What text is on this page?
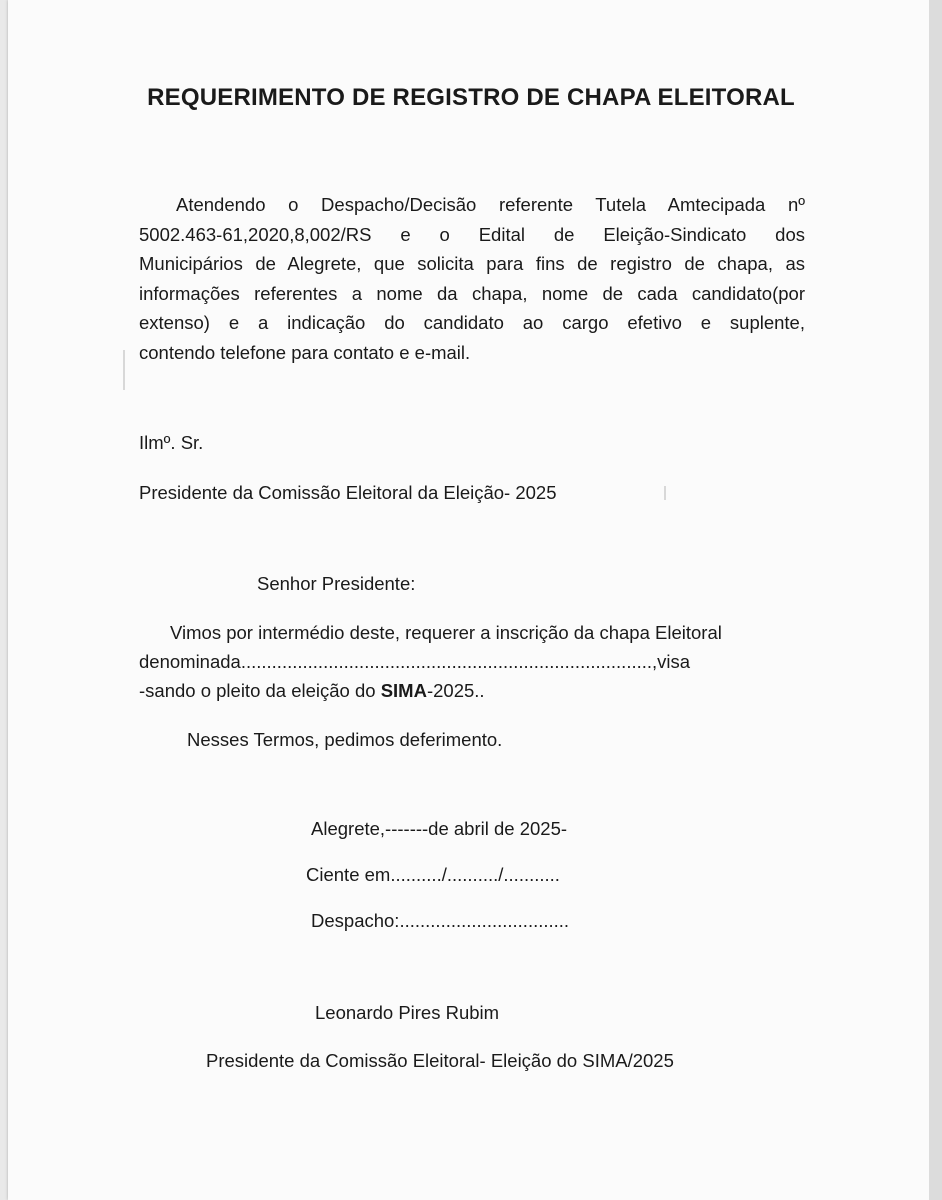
REQUERIMENTO DE REGISTRO DE CHAPA ELEITORAL
Atendendo o Despacho/Decisão referente Tutela Amtecipada nº
5002.463-61,2020,8,002/RS e o Edital de Eleição-Sindicato dos
Municipários de Alegrete, que solicita para fins de registro de chapa, as
informações referentes a nome da chapa, nome de cada candidato(por
extenso) e a indicação do candidato ao cargo efetivo e suplente,
contendo telefone para contato e e-mail.
Ilmº. Sr.
Presidente da Comissão Eleitoral da Eleição- 2025
Senhor Presidente:
Vimos por intermédio deste, requerer a inscrição da chapa Eleitoral
denominada................................................................................,visa
-sando o pleito da eleição do SIMA-2025..
Nesses Termos, pedimos deferimento.
Alegrete,-------de abril de 2025-
Ciente em........../........../...........
Despacho:.................................
Leonardo Pires Rubim
Presidente da Comissão Eleitoral- Eleição do SIMA/2025
